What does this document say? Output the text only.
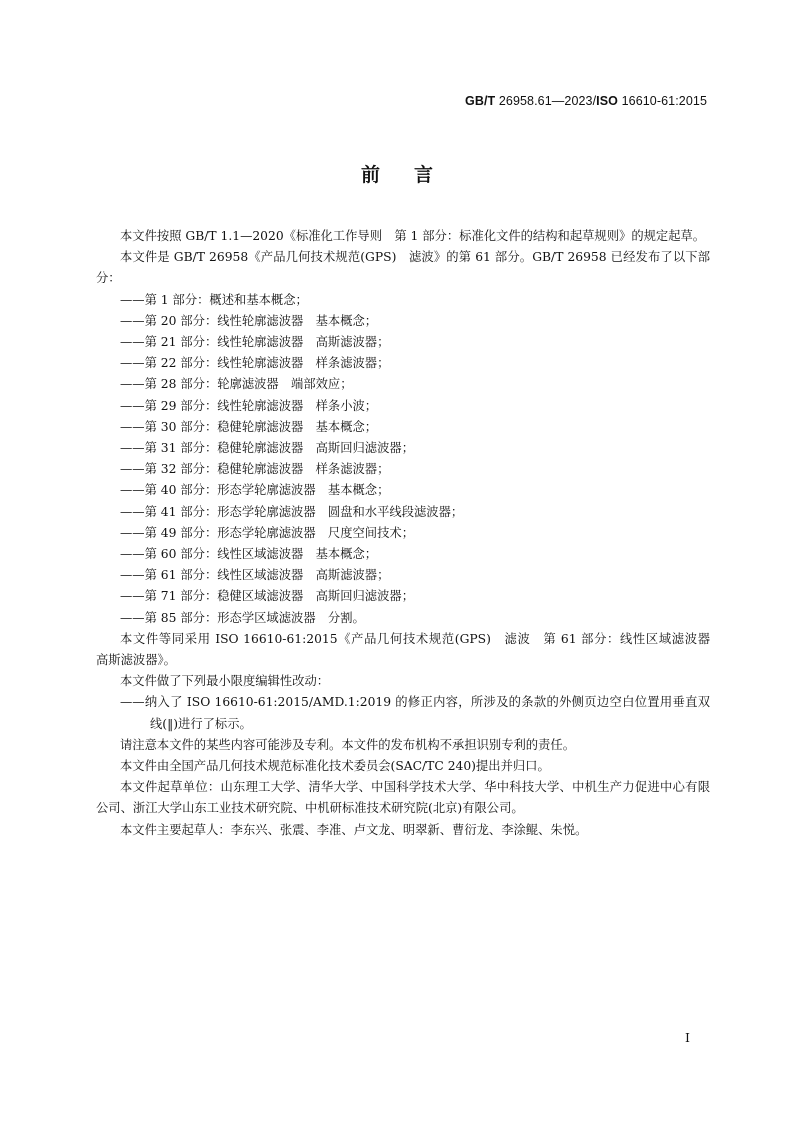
GB/T 26958.61—2023/ISO 16610-61:2015
前言

本文件按照 GB/T 1.1—2020《标准化工作导则　第 1 部分：标准化文件的结构和起草规则》的规定起草。

本文件是 GB/T 26958《产品几何技术规范(GPS)　滤波》的第 61 部分。GB/T 26958 已经发布了以下部分：

——第 1 部分：概述和基本概念；

——第 20 部分：线性轮廓滤波器　基本概念；

——第 21 部分：线性轮廓滤波器　高斯滤波器；

——第 22 部分：线性轮廓滤波器　样条滤波器；

——第 28 部分：轮廓滤波器　端部效应；

——第 29 部分：线性轮廓滤波器　样条小波；

——第 30 部分：稳健轮廓滤波器　基本概念；

——第 31 部分：稳健轮廓滤波器　高斯回归滤波器；

——第 32 部分：稳健轮廓滤波器　样条滤波器；

——第 40 部分：形态学轮廓滤波器　基本概念；

——第 41 部分：形态学轮廓滤波器　圆盘和水平线段滤波器；

——第 49 部分：形态学轮廓滤波器　尺度空间技术；

——第 60 部分：线性区域滤波器　基本概念；

——第 61 部分：线性区域滤波器　高斯滤波器；

——第 71 部分：稳健区域滤波器　高斯回归滤波器；

——第 85 部分：形态学区域滤波器　分割。

本文件等同采用 ISO 16610-61:2015《产品几何技术规范(GPS)　滤波　第 61 部分：线性区域滤波器　高斯滤波器》。

本文件做了下列最小限度编辑性改动：

——纳入了 ISO 16610-61:2015/AMD.1:2019 的修正内容，所涉及的条款的外侧页边空白位置用垂直双线(‖)进行了标示。

请注意本文件的某些内容可能涉及专利。本文件的发布机构不承担识别专利的责任。

本文件由全国产品几何技术规范标准化技术委员会(SAC/TC 240)提出并归口。

本文件起草单位：山东理工大学、清华大学、中国科学技术大学、华中科技大学、中机生产力促进中心有限公司、浙江大学山东工业技术研究院、中机研标准技术研究院(北京)有限公司。

本文件主要起草人：李东兴、张震、李准、卢文龙、明翠新、曹衍龙、李涂鲲、朱悦。

I
